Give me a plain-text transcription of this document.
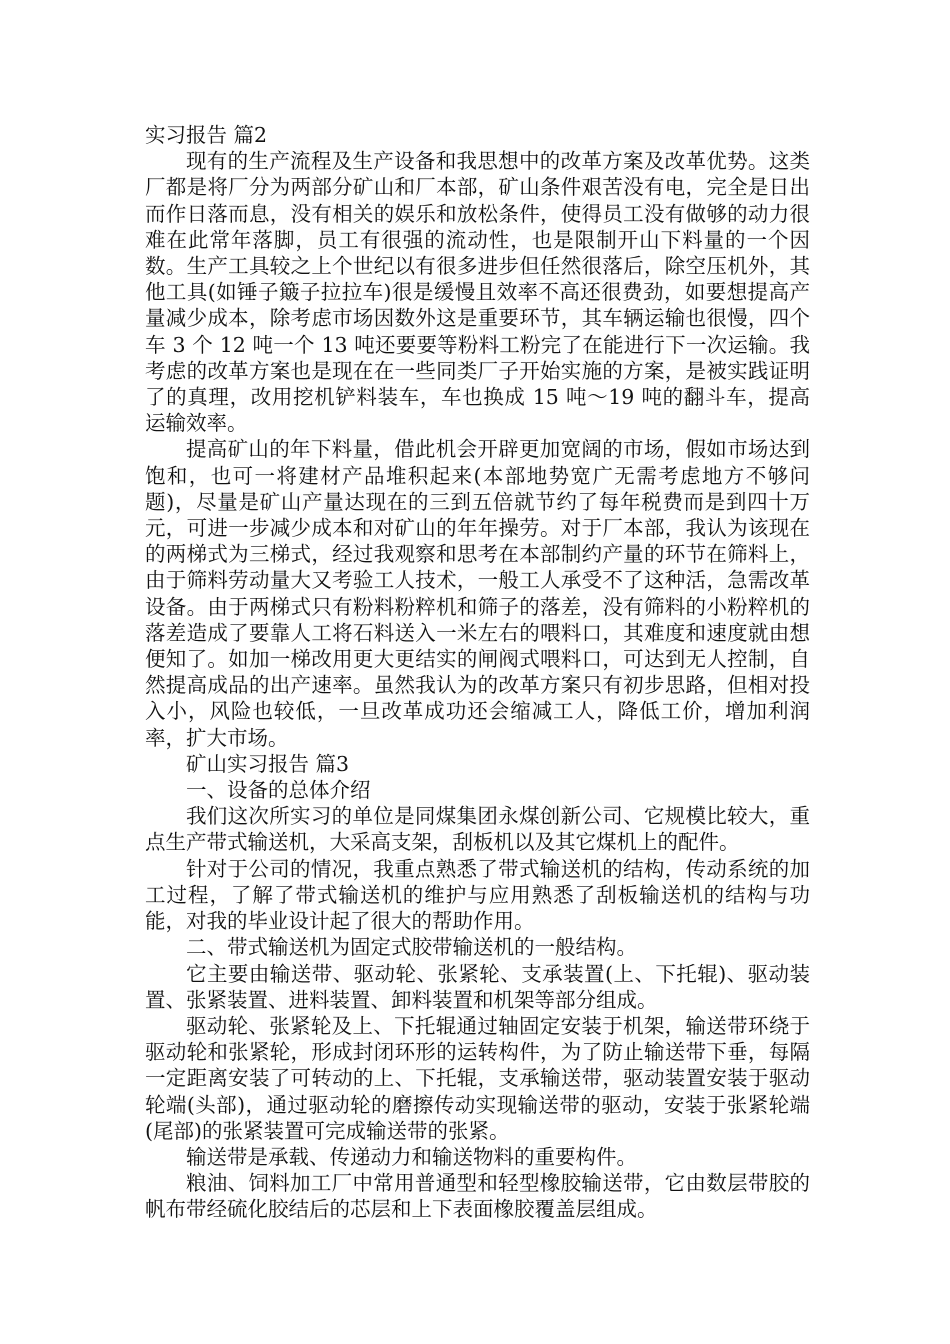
实习报告 篇2

现有的生产流程及生产设备和我思想中的改革方案及改革优势。这类厂都是将厂分为两部分矿山和厂本部，矿山条件艰苦没有电，完全是日出而作日落而息，没有相关的娱乐和放松条件，使得员工没有做够的动力很难在此常年落脚，员工有很强的流动性，也是限制开山下料量的一个因数。生产工具较之上个世纪以有很多进步但任然很落后，除空压机外，其他工具(如锤子簸子拉拉车)很是缓慢且效率不高还很费劲，如要想提高产量减少成本，除考虑市场因数外这是重要环节，其车辆运输也很慢，四个车 3 个 12 吨一个 13 吨还要要等粉料工粉完了在能进行下一次运输。我考虑的改革方案也是现在在一些同类厂子开始实施的方案，是被实践证明了的真理，改用挖机铲料装车，车也换成 15 吨～19 吨的翻斗车，提高运输效率。

提高矿山的年下料量，借此机会开辟更加宽阔的市场，假如市场达到饱和，也可一将建材产品堆积起来(本部地势宽广无需考虑地方不够问题)，尽量是矿山产量达现在的三到五倍就节约了每年税费而是到四十万元，可进一步减少成本和对矿山的年年操劳。对于厂本部，我认为该现在的两梯式为三梯式，经过我观察和思考在本部制约产量的环节在筛料上，由于筛料劳动量大又考验工人技术，一般工人承受不了这种活，急需改革设备。由于两梯式只有粉料粉粹机和筛子的落差，没有筛料的小粉粹机的落差造成了要靠人工将石料送入一米左右的喂料口，其难度和速度就由想便知了。如加一梯改用更大更结实的闸阀式喂料口，可达到无人控制，自然提高成品的出产速率。虽然我认为的改革方案只有初步思路，但相对投入小，风险也较低，一旦改革成功还会缩减工人，降低工价，增加利润率，扩大市场。

矿山实习报告 篇3

一、设备的总体介绍

我们这次所实习的单位是同煤集团永煤创新公司、它规模比较大，重点生产带式输送机，大采高支架，刮板机以及其它煤机上的配件。

针对于公司的情况，我重点熟悉了带式输送机的结构，传动系统的加工过程，了解了带式输送机的维护与应用熟悉了刮板输送机的结构与功能，对我的毕业设计起了很大的帮助作用。

二、带式输送机为固定式胶带输送机的一般结构。

它主要由输送带、驱动轮、张紧轮、支承装置(上、下托辊)、驱动装置、张紧装置、进料装置、卸料装置和机架等部分组成。

驱动轮、张紧轮及上、下托辊通过轴固定安装于机架，输送带环绕于驱动轮和张紧轮，形成封闭环形的运转构件，为了防止输送带下垂，每隔一定距离安装了可转动的上、下托辊，支承输送带，驱动装置安装于驱动轮端(头部)，通过驱动轮的磨擦传动实现输送带的驱动，安装于张紧轮端(尾部)的张紧装置可完成输送带的张紧。

输送带是承载、传递动力和输送物料的重要构件。

粮油、饲料加工厂中常用普通型和轻型橡胶输送带，它由数层带胶的帆布带经硫化胶结后的芯层和上下表面橡胶覆盖层组成。
